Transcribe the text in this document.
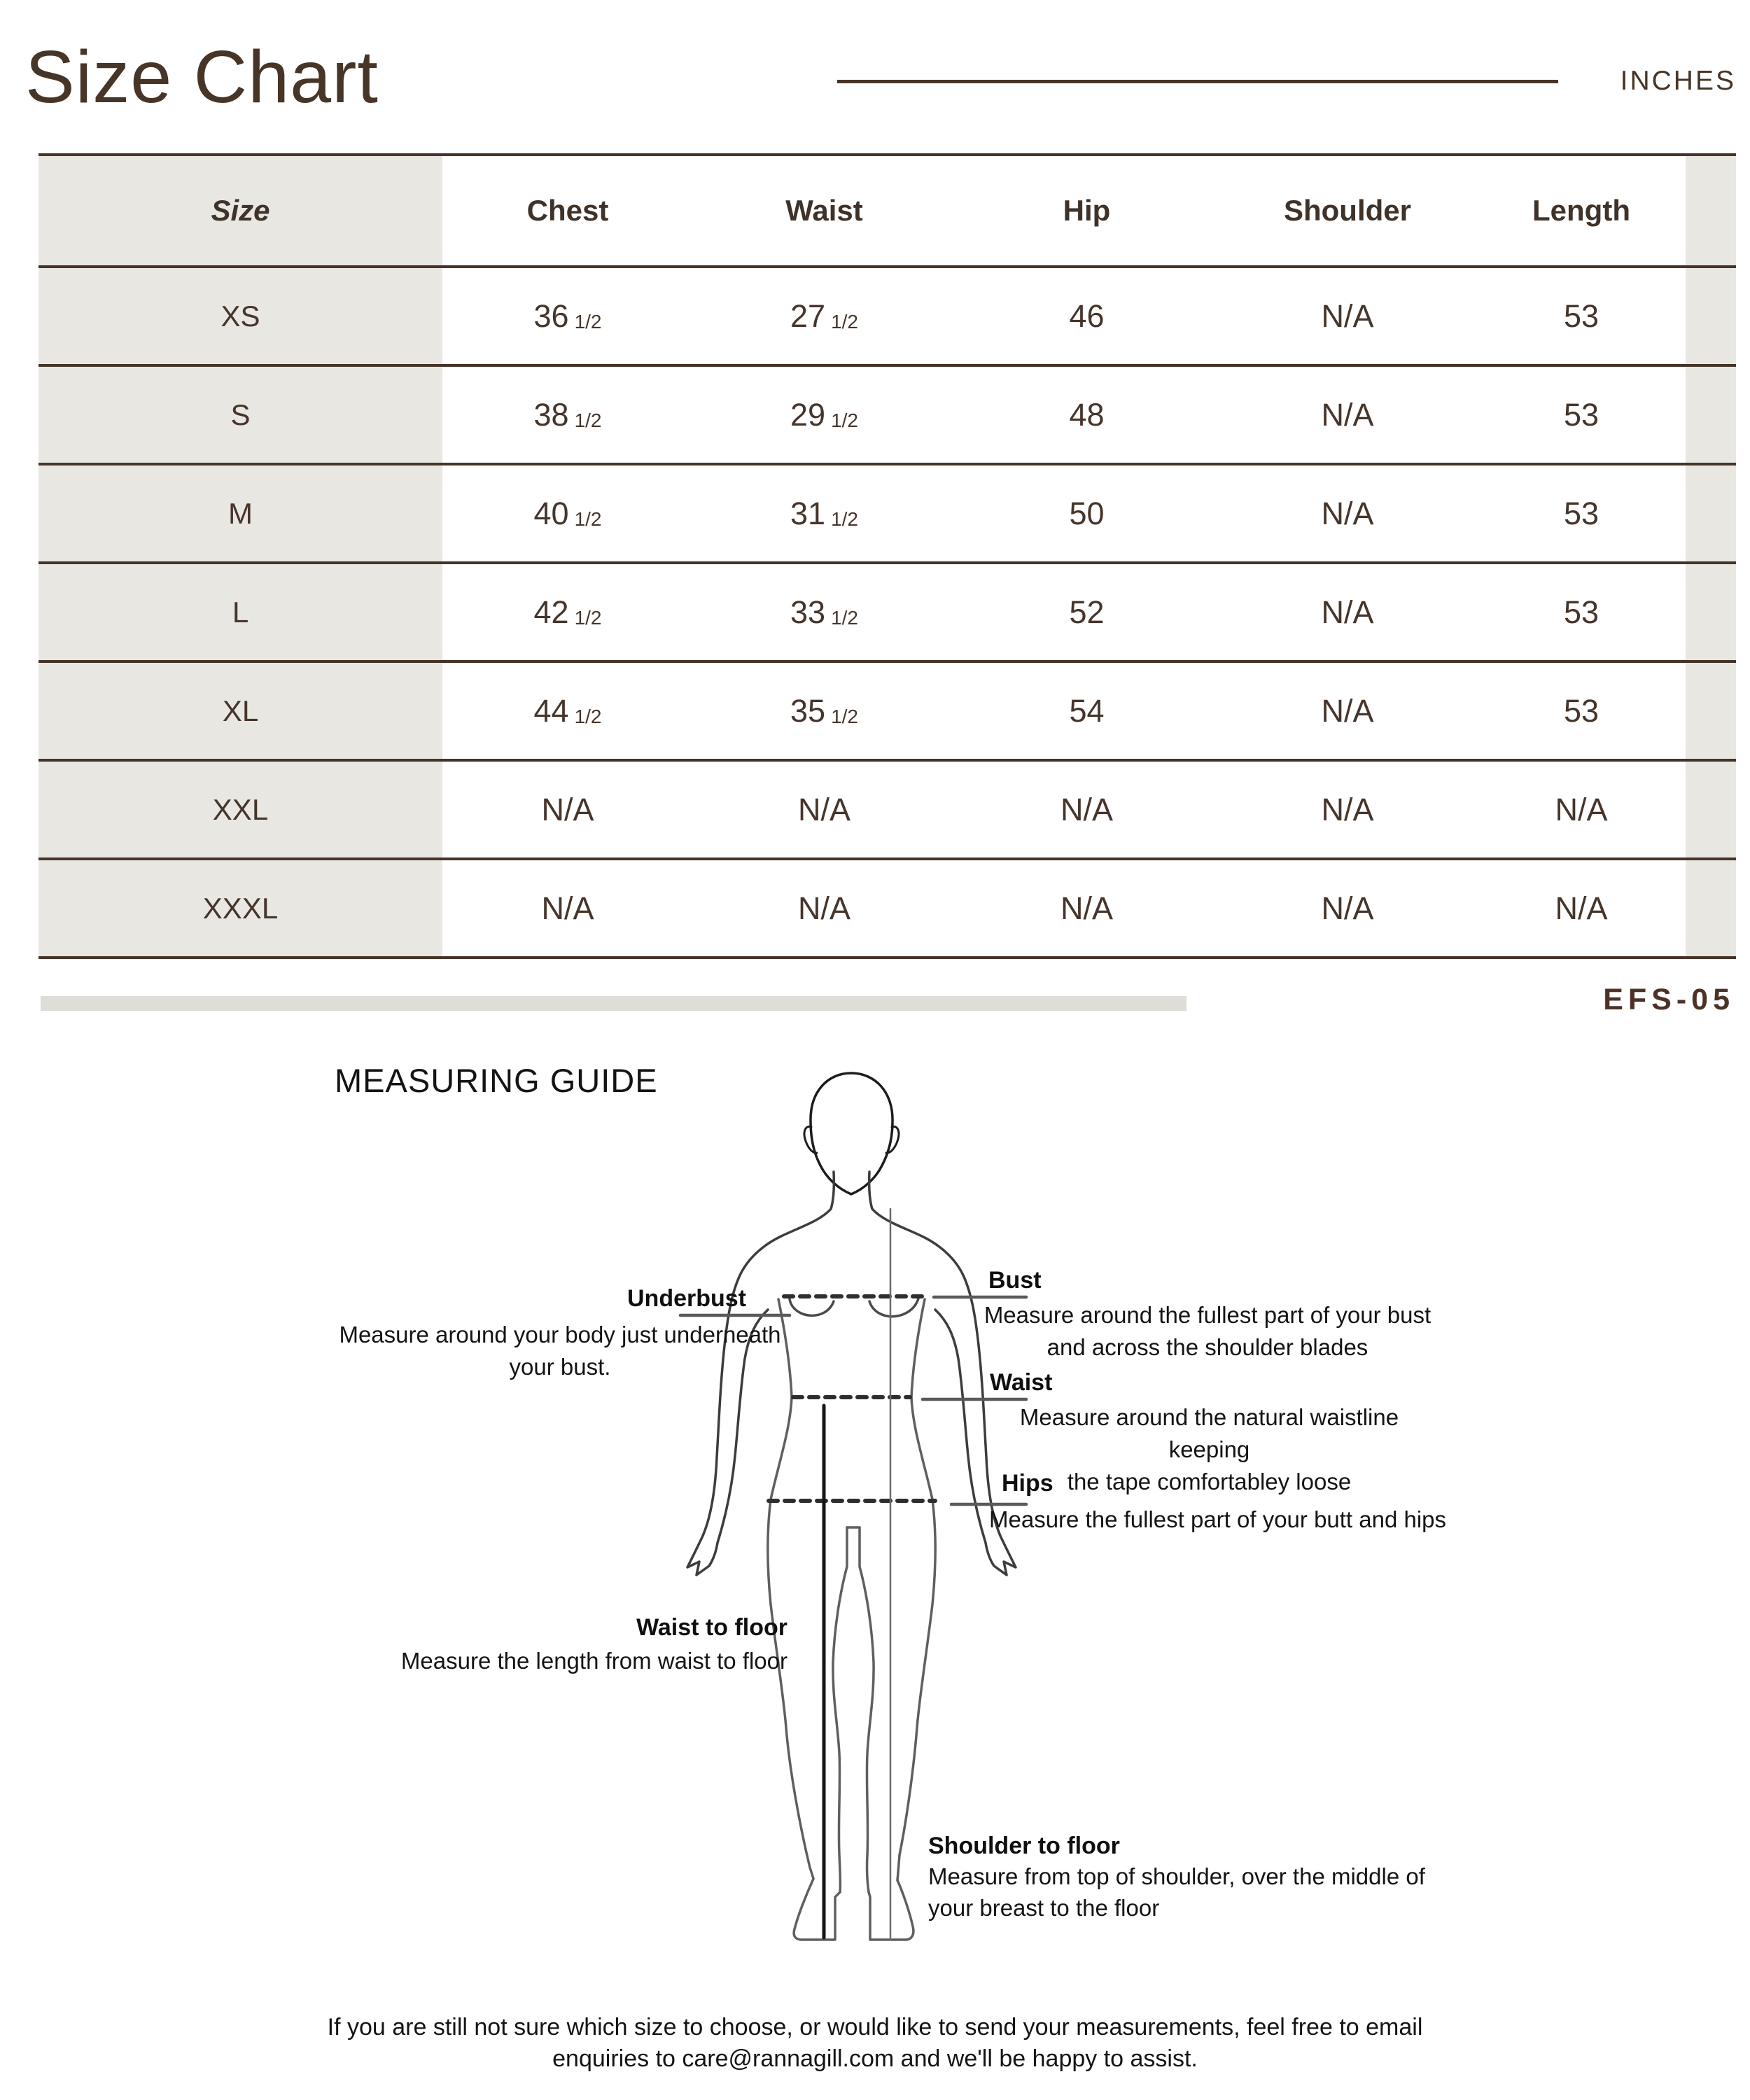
Size Chart	INCHES
Size	Chest	Waist	Hip	Shoulder	Length
XS	36 1/2	27 1/2	46	N/A	53
S	38 1/2	29 1/2	48	N/A	53
M	40 1/2	31 1/2	50	N/A	53
L	42 1/2	33 1/2	52	N/A	53
XL	44 1/2	35 1/2	54	N/A	53
XXL	N/A	N/A	N/A	N/A	N/A
XXXL	N/A	N/A	N/A	N/A	N/A
EFS-05
MEASURING GUIDE
Underbust
Measure around your body just underneath
your bust.
Bust
Measure around the fullest part of your bust
and across the shoulder blades
Waist
Measure around the natural waistline keeping
the tape comfortabley loose
Hips
Measure the fullest part of your butt and hips
Waist to floor
Measure the length from waist to floor
Shoulder to floor
Measure from top of shoulder, over the middle of
your breast to the floor
If you are still not sure which size to choose, or would like to send your measurements, feel free to email
enquiries to care@rannagill.com and we'll be happy to assist.
